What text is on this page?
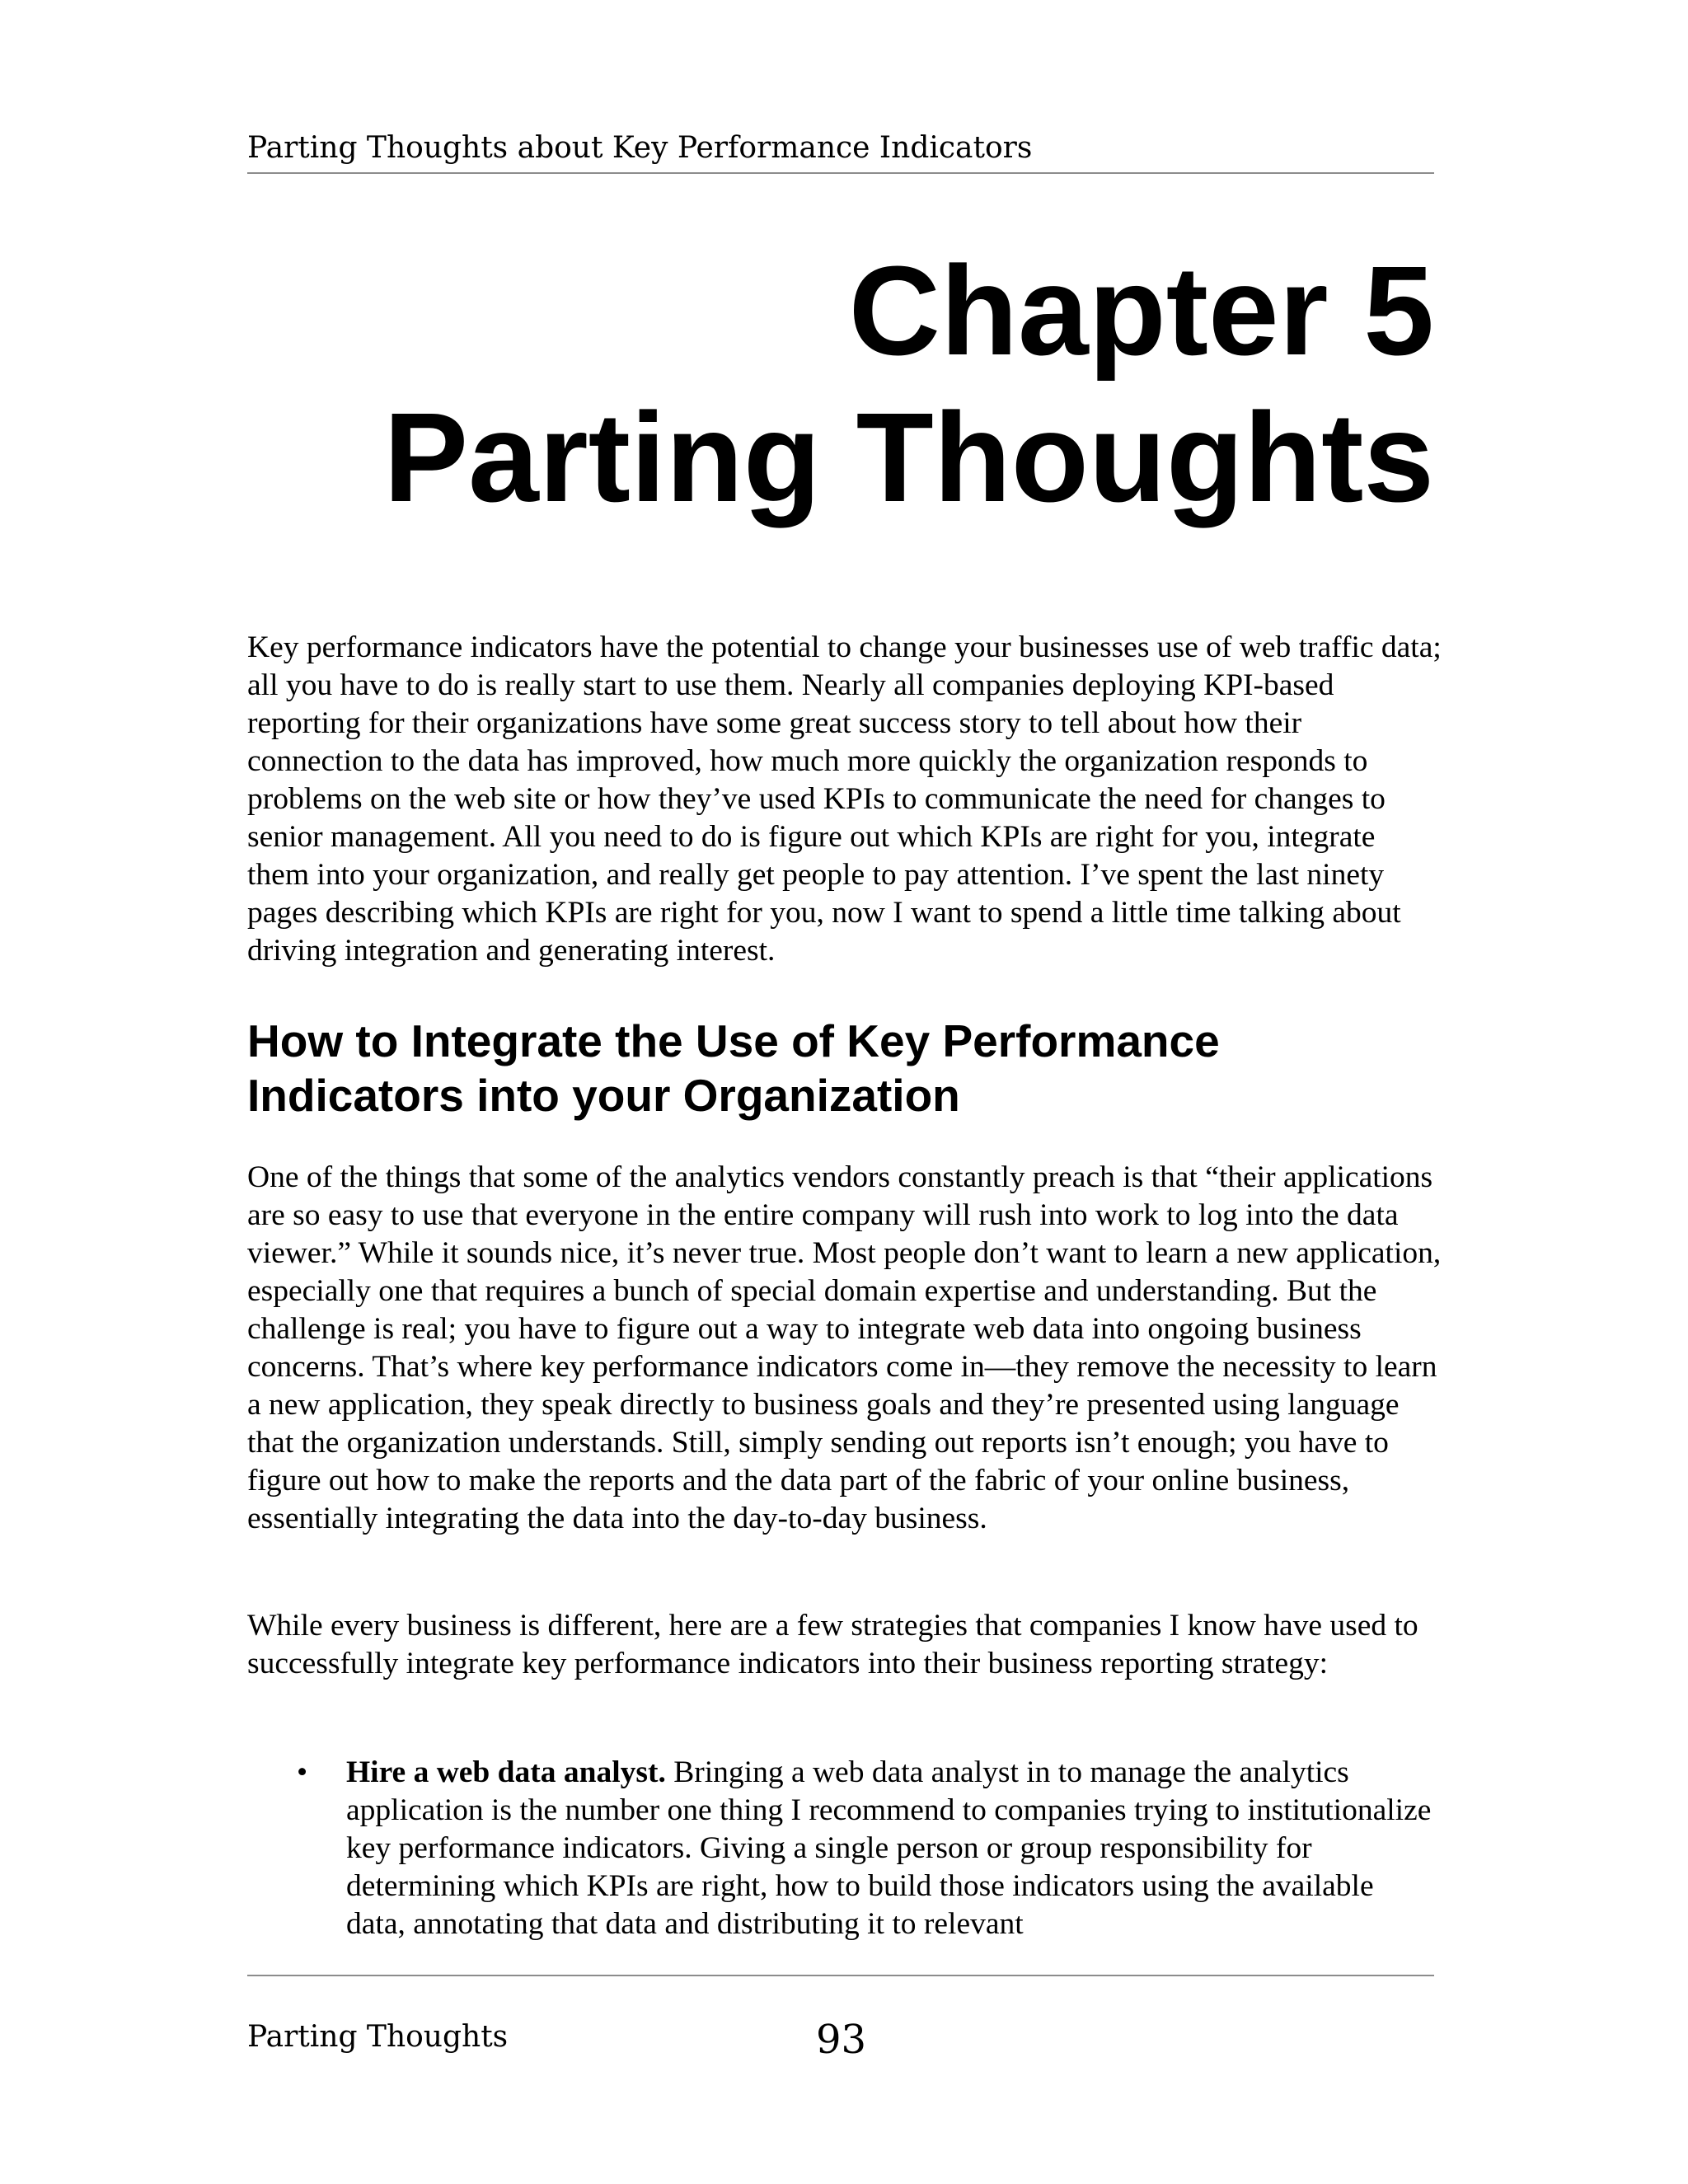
Parting Thoughts about Key Performance Indicators
Chapter 5
Parting Thoughts

Key performance indicators have the potential to change your businesses use of web traffic data; all you have to do is really start to use them. Nearly all companies deploying KPI-based reporting for their organizations have some great success story to tell about how their connection to the data has improved, how much more quickly the organization responds to problems on the web site or how they’ve used KPIs to communicate the need for changes to senior management. All you need to do is figure out which KPIs are right for you, integrate them into your organization, and really get people to pay attention. I’ve spent the last ninety pages describing which KPIs are right for you, now I want to spend a little time talking about driving integration and generating interest.

How to Integrate the Use of Key Performance
Indicators into your Organization

One of the things that some of the analytics vendors constantly preach is that “their applications are so easy to use that everyone in the entire company will rush into work to log into the data viewer.” While it sounds nice, it’s never true. Most people don’t want to learn a new application, especially one that requires a bunch of special domain expertise and understanding. But the challenge is real; you have to figure out a way to integrate web data into ongoing business concerns. That’s where key performance indicators come in—they remove the necessity to learn a new application, they speak directly to business goals and they’re presented using language that the organization understands. Still, simply sending out reports isn’t enough; you have to figure out how to make the reports and the data part of the fabric of your online business, essentially integrating the data into the day-to-day business.

While every business is different, here are a few strategies that companies I know have used to successfully integrate key performance indicators into their business reporting strategy:

• Hire a web data analyst. Bringing a web data analyst in to manage the analytics application is the number one thing I recommend to companies trying to institutionalize key performance indicators. Giving a single person or group responsibility for determining which KPIs are right, how to build those indicators using the available data, annotating that data and distributing it to relevant

Parting Thoughts	93
